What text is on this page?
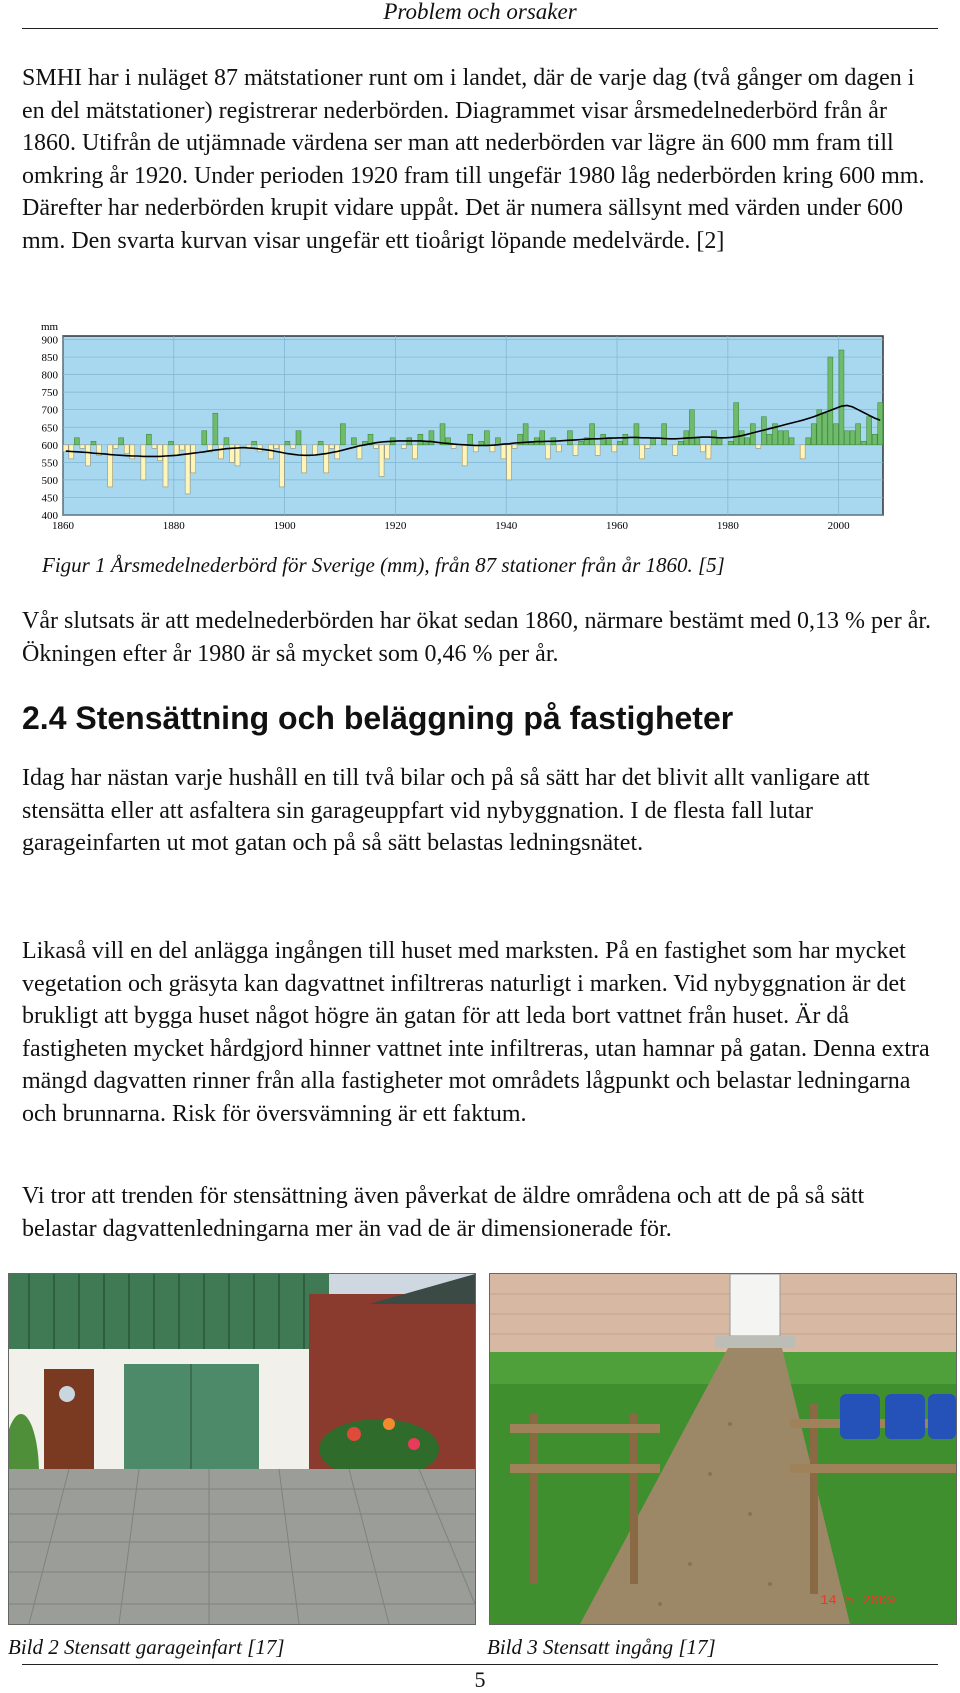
Problem och orsaker

SMHI har i nuläget 87 mätstationer runt om i landet, där de varje dag (två gånger om dagen i en del mätstationer) registrerar nederbörden. Diagrammet visar årsmedelnederbörd från år 1860. Utifrån de utjämnade värdena ser man att nederbörden var lägre än 600 mm fram till omkring år 1920. Under perioden 1920 fram till ungefär 1980 låg nederbörden kring 600 mm. Därefter har nederbörden krupit vidare uppåt. Det är numera sällsynt med värden under 600 mm. Den svarta kurvan visar ungefär ett tioårigt löpande medelvärde. [2]

400
450
500
550
600
650
700
750
800
850
900
1860	1880	1900	1920	1940	1960	1980	2000
mm
Figur 1 Årsmedelnederbörd för Sverige (mm), från 87 stationer från år 1860. [5]

Vår slutsats är att medelnederbörden har ökat sedan 1860, närmare bestämt med 0,13 % per år. Ökningen efter år 1980 är så mycket som 0,46 % per år.

2.4 Stensättning och beläggning på fastigheter

Idag har nästan varje hushåll en till två bilar och på så sätt har det blivit allt vanligare att stensätta eller att asfaltera sin garageuppfart vid nybyggnation. I de flesta fall lutar garageinfarten ut mot gatan och på så sätt belastas ledningsnätet.

Likaså vill en del anlägga ingången till huset med marksten. På en fastighet som har mycket vegetation och gräsyta kan dagvattnet infiltreras naturligt i marken. Vid nybyggnation är det brukligt att bygga huset något högre än gatan för att leda bort vattnet från huset. Är då fastigheten mycket hårdgjord hinner vattnet inte infiltreras, utan hamnar på gatan. Denna extra mängd dagvatten rinner från alla fastigheter mot områdets lågpunkt och belastar ledningarna och brunnarna. Risk för översvämning är ett faktum.

Vi tror att trenden för stensättning även påverkat de äldre områdena och att de på så sätt belastar dagvattenledningarna mer än vad de är dimensionerade för.

14 5 2009
Bild 2 Stensatt garageinfart [17]	Bild 3 Stensatt ingång [17]
5
